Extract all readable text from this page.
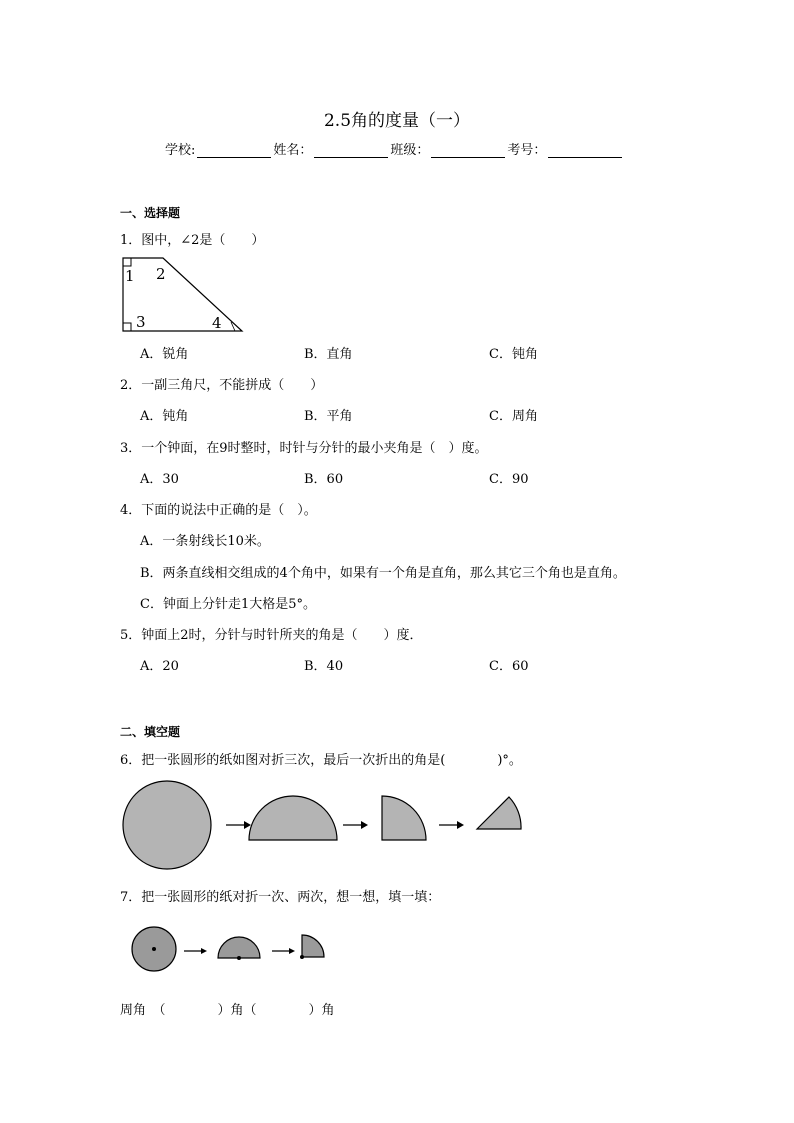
2.5角的度量（一）
学校:	姓名：	班级：	考号：
一、选择题
1．图中，∠2是（　　）
1 2
3	4
A．锐角	B．直角	C．钝角
2．一副三角尺，不能拼成（　　）
A．钝角	B．平角	C．周角
3．一个钟面，在9时整时，时针与分针的最小夹角是（　）度。
A．30	B．60	C．90
4．下面的说法中正确的是（　）。
A．一条射线长10米。
B．两条直线相交组成的4个角中，如果有一个角是直角，那么其它三个角也是直角。
C．钟面上分针走1大格是5°。
5．钟面上2时，分针与时针所夹的角是（　　）度．
A．20	B．40	C．60
二、填空题
6．把一张圆形的纸如图对折三次，最后一次折出的角是(　　　　)°。
7．把一张圆形的纸对折一次、两次，想一想，填一填：
周角　（　　　　）角（　　　　）角
